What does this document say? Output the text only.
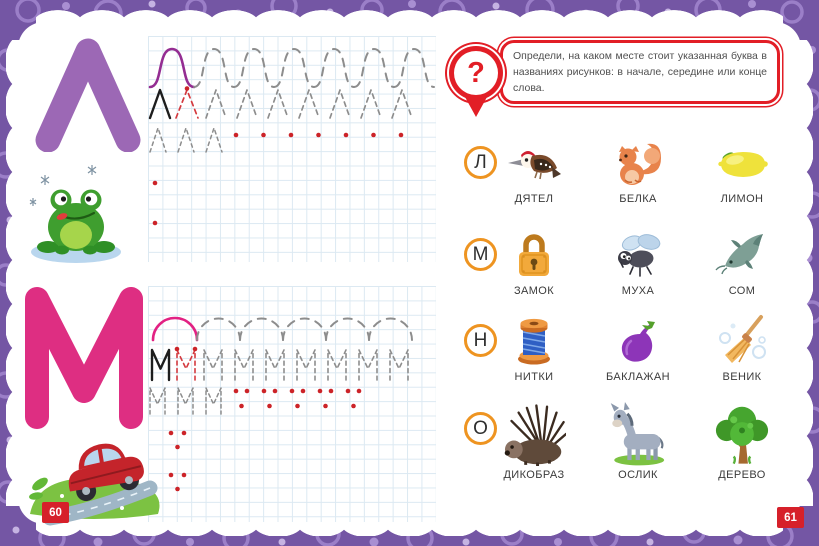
?

Определи, на каком месте стоит указанная буква в названиях рисунков: в начале, середине или конце слова.

Л
ДЯТЕЛ	БЕЛКА	ЛИМОН
М
ЗАМОК	МУХА	СОМ
Н
НИТКИ	БАКЛАЖАН	ВЕНИК
О
ДИКОБРАЗ	ОСЛИК	ДЕРЕВО
60	61
